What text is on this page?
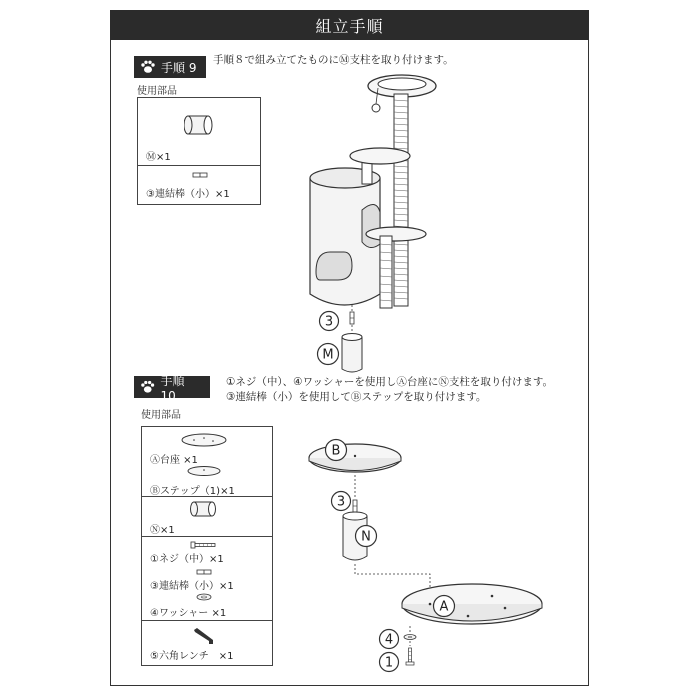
組立手順
手順 9
手順８で組み立てたものにⓂ支柱を取り付けます。
使用部品
Ⓜ×1
③連結棒（小）×1
3
M
手順 10
①ネジ（中）、④ワッシャーを使用しⒶ台座にⓃ支柱を取り付けます。
③連結棒（小）を使用してⒷステップを取り付けます。
使用部品
Ⓐ台座 ×1
Ⓑステップ（1)×1
Ⓝ×1
①ネジ（中）×1
③連結棒（小）×1
④ワッシャー ×1
⑤六角レンチ　×1
B
3
N
A
4
1
